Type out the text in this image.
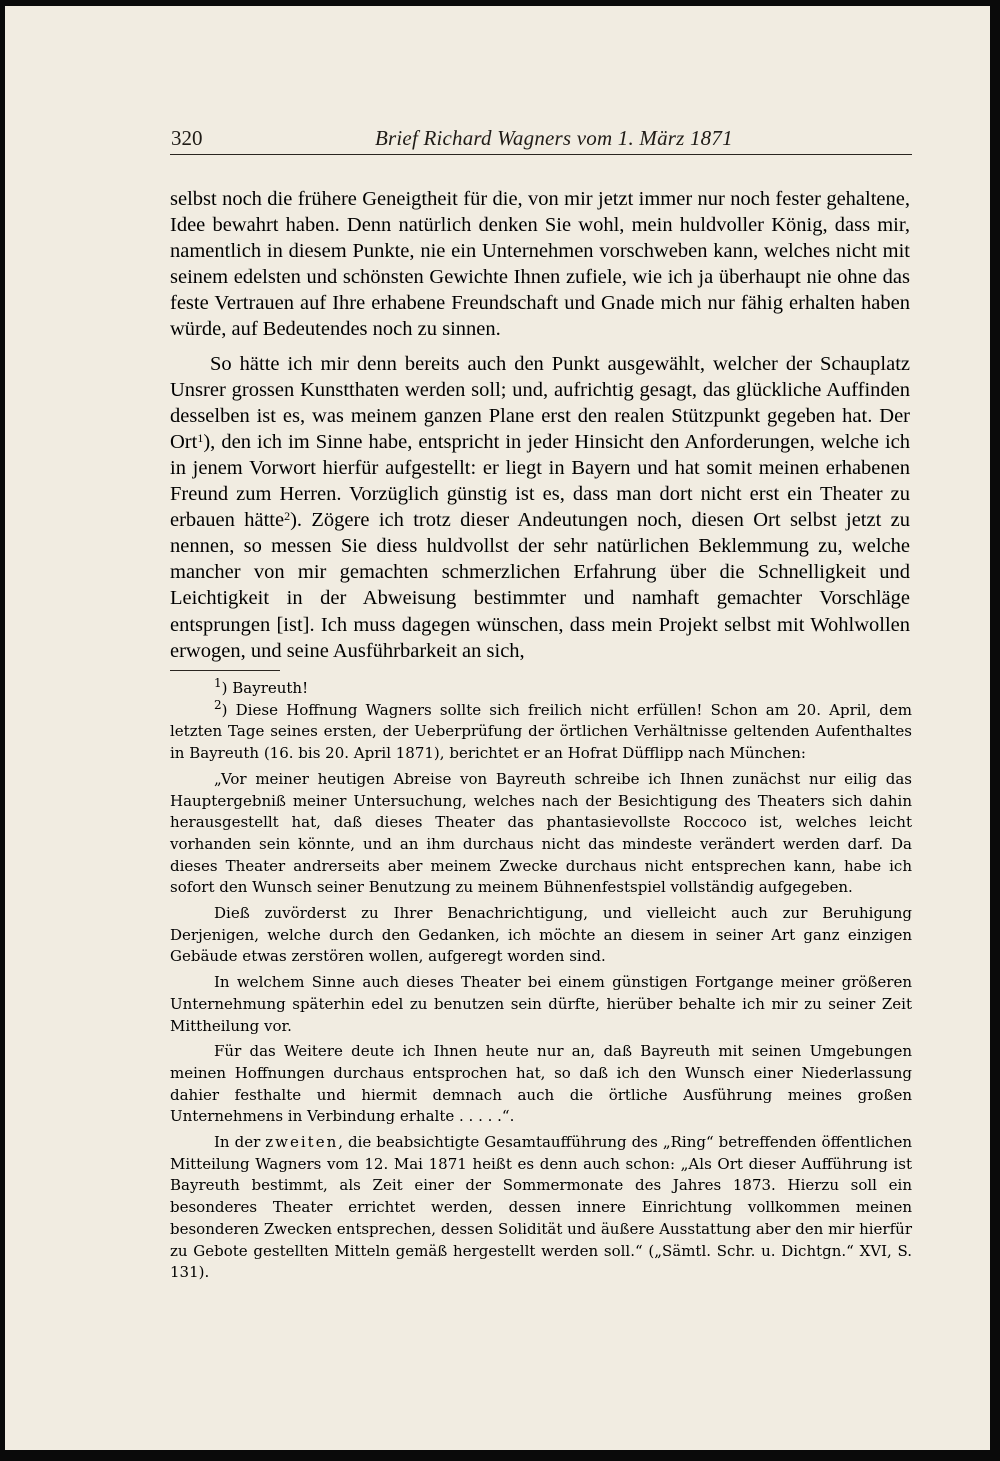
320	Brief Richard Wagners vom 1. März 1871

selbst noch die frühere Geneigtheit für die, von mir jetzt immer nur noch fester gehaltene, Idee bewahrt haben. Denn natürlich denken Sie wohl, mein huldvoller König, dass mir, namentlich in diesem Punkte, nie ein Unternehmen vorschweben kann, welches nicht mit seinem edelsten und schönsten Gewichte Ihnen zufiele, wie ich ja überhaupt nie ohne das feste Vertrauen auf Ihre erhabene Freundschaft und Gnade mich nur fähig erhalten haben würde, auf Bedeutendes noch zu sinnen.

So hätte ich mir denn bereits auch den Punkt ausgewählt, welcher der Schauplatz Unsrer grossen Kunstthaten werden soll; und, aufrichtig gesagt, das glückliche Auffinden desselben ist es, was meinem ganzen Plane erst den realen Stützpunkt gegeben hat. Der Ort$^1$), den ich im Sinne habe, entspricht in jeder Hinsicht den Anforderungen, welche ich in jenem Vorwort hierfür aufgestellt: er liegt in Bayern und hat somit meinen erhabenen Freund zum Herren. Vorzüglich günstig ist es, dass man dort nicht erst ein Theater zu erbauen hätte$^2$). Zögere ich trotz dieser Andeutungen noch, diesen Ort selbst jetzt zu nennen, so messen Sie diess huldvollst der sehr natürlichen Beklemmung zu, welche mancher von mir gemachten schmerzlichen Erfahrung über die Schnelligkeit und Leichtigkeit in der Abweisung bestimmter und namhaft gemachter Vorschläge entsprungen [ist]. Ich muss dagegen wünschen, dass mein Projekt selbst mit Wohlwollen erwogen, und seine Ausführbarkeit an sich,

$^1$) Bayreuth!

$^2$) Diese Hoffnung Wagners sollte sich freilich nicht erfüllen! Schon am 20. April, dem letzten Tage seines ersten, der Ueberprüfung der örtlichen Verhältnisse geltenden Aufenthaltes in Bayreuth (16. bis 20. April 1871), berichtet er an Hofrat Düfflipp nach München:

„Vor meiner heutigen Abreise von Bayreuth schreibe ich Ihnen zunächst nur eilig das Hauptergebniß meiner Untersuchung, welches nach der Besichtigung des Theaters sich dahin herausgestellt hat, daß dieses Theater das phantasievollste Roccoco ist, welches leicht vorhanden sein könnte, und an ihm durchaus nicht das mindeste verändert werden darf. Da dieses Theater andrerseits aber meinem Zwecke durchaus nicht entsprechen kann, habe ich sofort den Wunsch seiner Benutzung zu meinem Bühnenfestspiel vollständig aufgegeben.

Dieß zuvörderst zu Ihrer Benachrichtigung, und vielleicht auch zur Beruhigung Derjenigen, welche durch den Gedanken, ich möchte an diesem in seiner Art ganz einzigen Gebäude etwas zerstören wollen, aufgeregt worden sind.

In welchem Sinne auch dieses Theater bei einem günstigen Fortgange meiner größeren Unternehmung späterhin edel zu benutzen sein dürfte, hierüber behalte ich mir zu seiner Zeit Mittheilung vor.

Für das Weitere deute ich Ihnen heute nur an, daß Bayreuth mit seinen Umgebungen meinen Hoffnungen durchaus entsprochen hat, so daß ich den Wunsch einer Niederlassung dahier festhalte und hiermit demnach auch die örtliche Ausführung meines großen Unternehmens in Verbindung erhalte . . . . .“.

In der zweiten, die beabsichtigte Gesamtaufführung des „Ring“ betreffenden öffentlichen Mitteilung Wagners vom 12. Mai 1871 heißt es denn auch schon: „Als Ort dieser Aufführung ist Bayreuth bestimmt, als Zeit einer der Sommermonate des Jahres 1873. Hierzu soll ein besonderes Theater errichtet werden, dessen innere Einrichtung vollkommen meinen besonderen Zwecken entsprechen, dessen Solidität und äußere Ausstattung aber den mir hierfür zu Gebote gestellten Mitteln gemäß hergestellt werden soll.“ („Sämtl. Schr. u. Dichtgn.“ XVI, S. 131).
